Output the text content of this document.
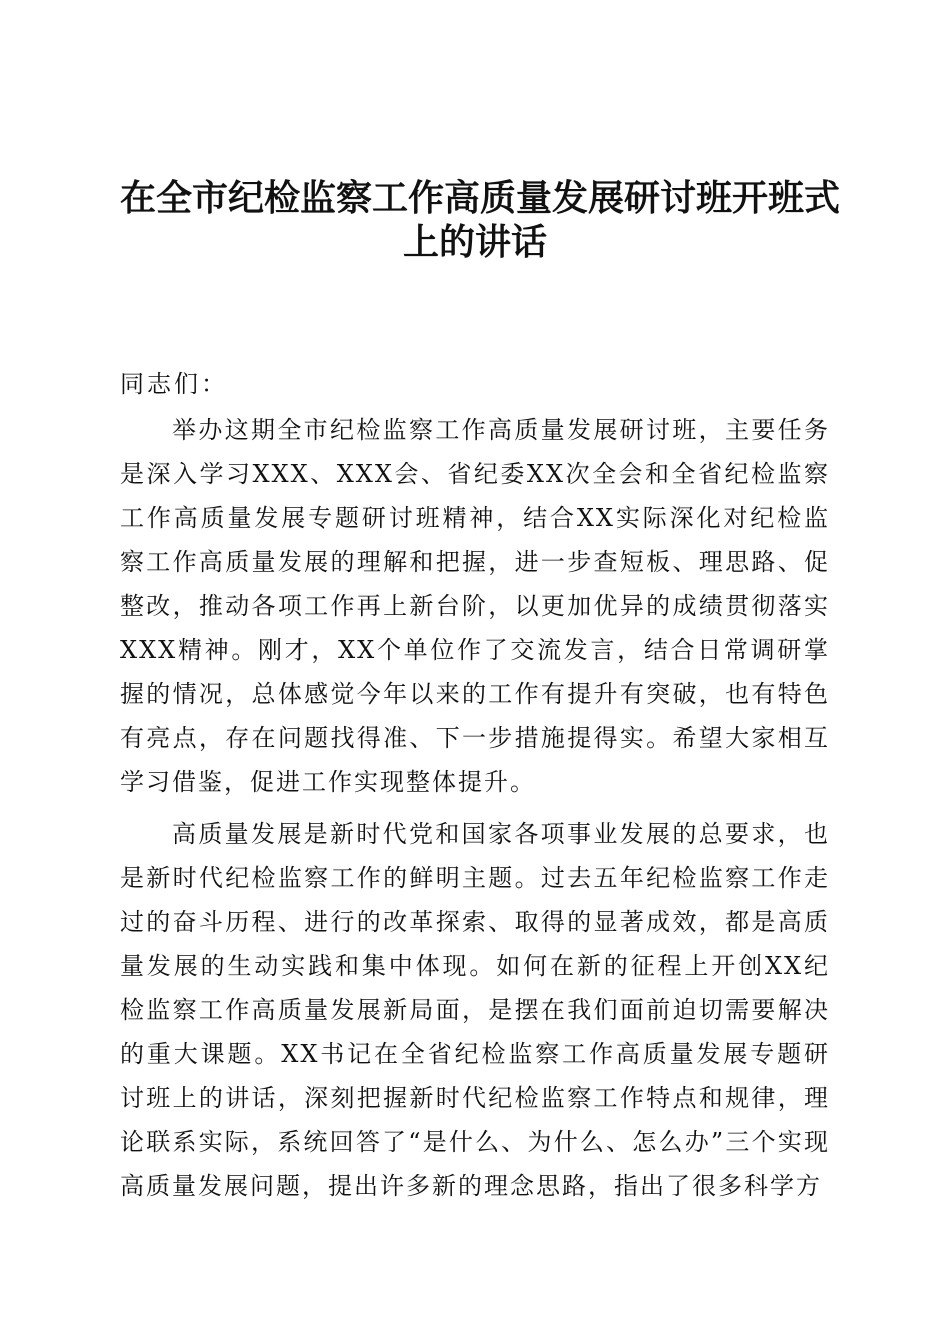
在全市纪检监察工作高质量发展研讨班开班式
上的讲话

同志们：

举办这期全市纪检监察工作高质量发展研讨班，主要任务是深入学习XXX、XXX会、省纪委XX次全会和全省纪检监察工作高质量发展专题研讨班精神，结合XX实际深化对纪检监察工作高质量发展的理解和把握，进一步查短板、理思路、促整改，推动各项工作再上新台阶，以更加优异的成绩贯彻落实XXX精神。刚才，XX个单位作了交流发言，结合日常调研掌握的情况，总体感觉今年以来的工作有提升有突破，也有特色有亮点，存在问题找得准、下一步措施提得实。希望大家相互学习借鉴，促进工作实现整体提升。

高质量发展是新时代党和国家各项事业发展的总要求，也是新时代纪检监察工作的鲜明主题。过去五年纪检监察工作走过的奋斗历程、进行的改革探索、取得的显著成效，都是高质量发展的生动实践和集中体现。如何在新的征程上开创XX纪检监察工作高质量发展新局面，是摆在我们面前迫切需要解决的重大课题。XX书记在全省纪检监察工作高质量发展专题研讨班上的讲话，深刻把握新时代纪检监察工作特点和规律，理论联系实际，系统回答了“是什么、为什么、怎么办”三个实现高质量发展问题，提出许多新的理念思路，指出了很多科学方
